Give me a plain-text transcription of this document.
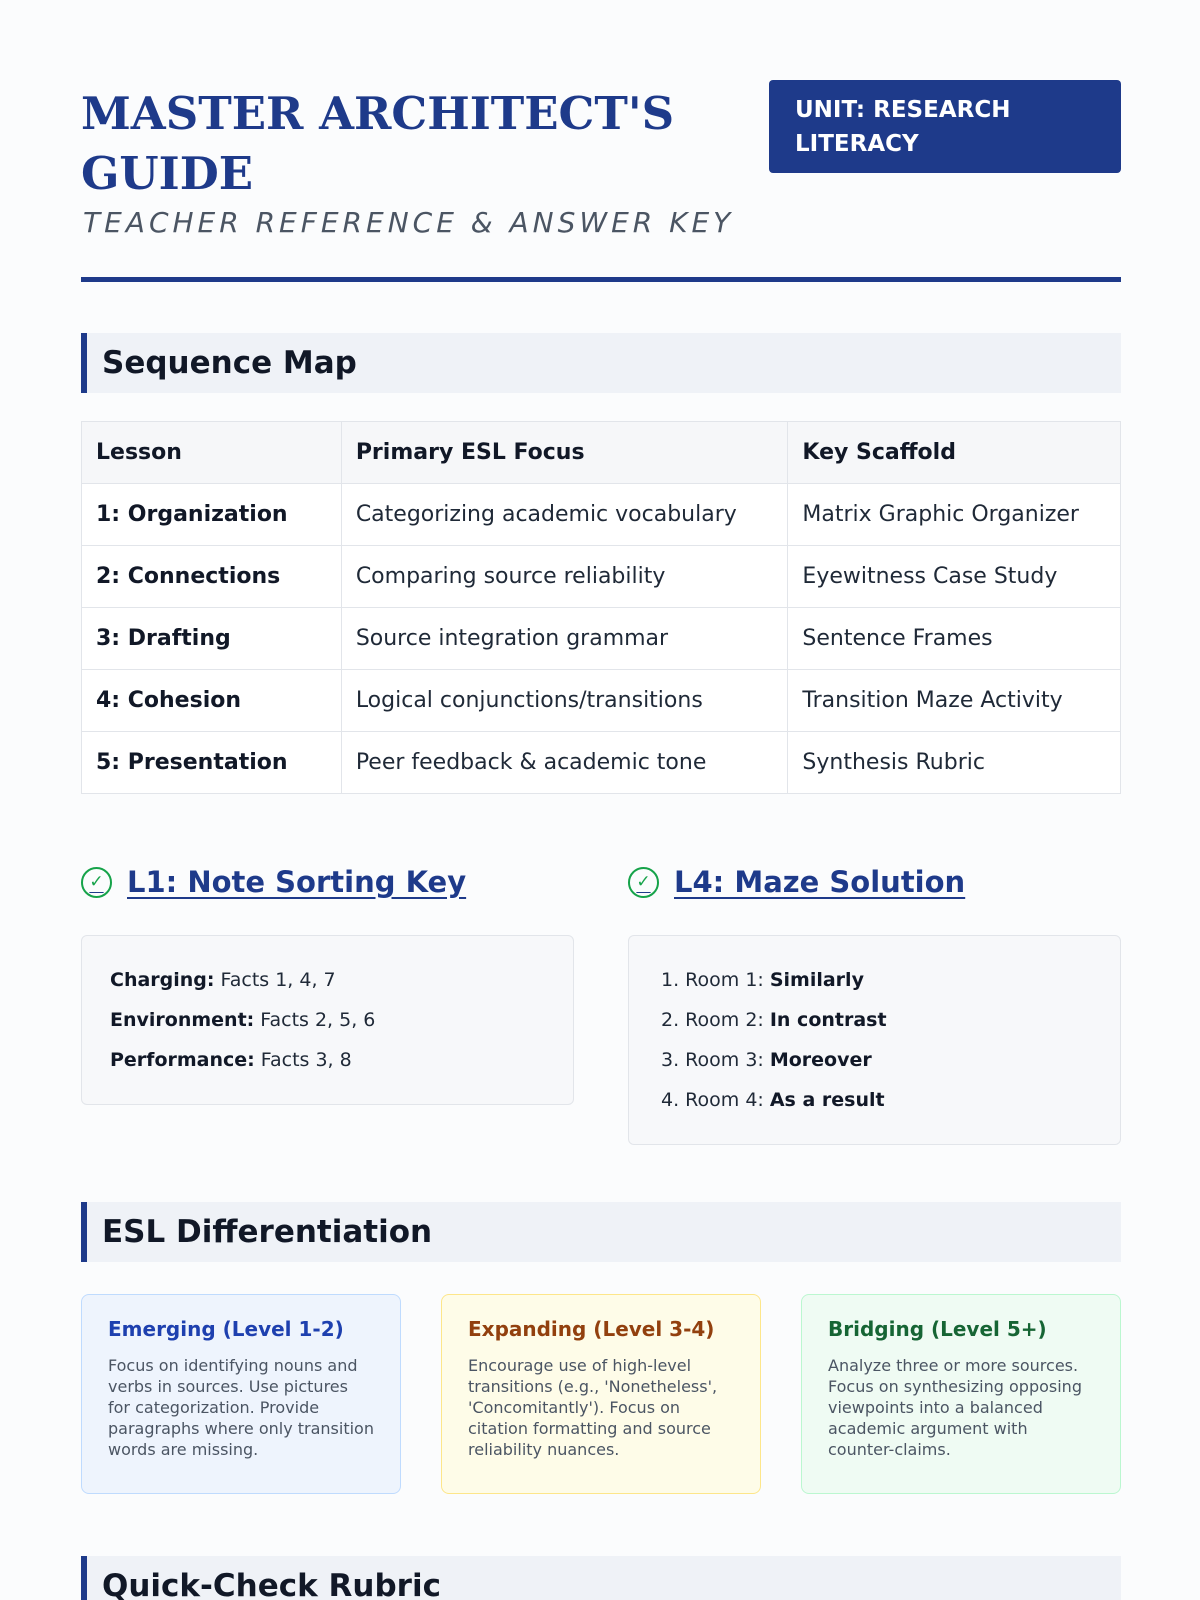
MASTER ARCHITECT'S GUIDE
TEACHER REFERENCE & ANSWER KEY
UNIT: RESEARCH LITERACY
Sequence Map
Lesson	Primary ESL Focus	Key Scaffold
1: Organization	Categorizing academic vocabulary	Matrix Graphic Organizer
2: Connections	Comparing source reliability	Eyewitness Case Study
3: Drafting	Source integration grammar	Sentence Frames
4: Cohesion	Logical conjunctions/transitions	Transition Maze Activity
5: Presentation	Peer feedback & academic tone	Synthesis Rubric
✓ L1: Note Sorting Key
Charging: Facts 1, 4, 7
Environment: Facts 2, 5, 6
Performance: Facts 3, 8
✓ L4: Maze Solution
1. Room 1: Similarly
2. Room 2: In contrast
3. Room 3: Moreover
4. Room 4: As a result
ESL Differentiation
Emerging (Level 1-2)
Focus on identifying nouns and verbs in sources. Use pictures for categorization. Provide paragraphs where only transition words are missing.
Expanding (Level 3-4)
Encourage use of high-level transitions (e.g., 'Nonetheless', 'Concomitantly'). Focus on citation formatting and source reliability nuances.
Bridging (Level 5+)
Analyze three or more sources. Focus on synthesizing opposing viewpoints into a balanced academic argument with counter-claims.
Quick-Check Rubric
